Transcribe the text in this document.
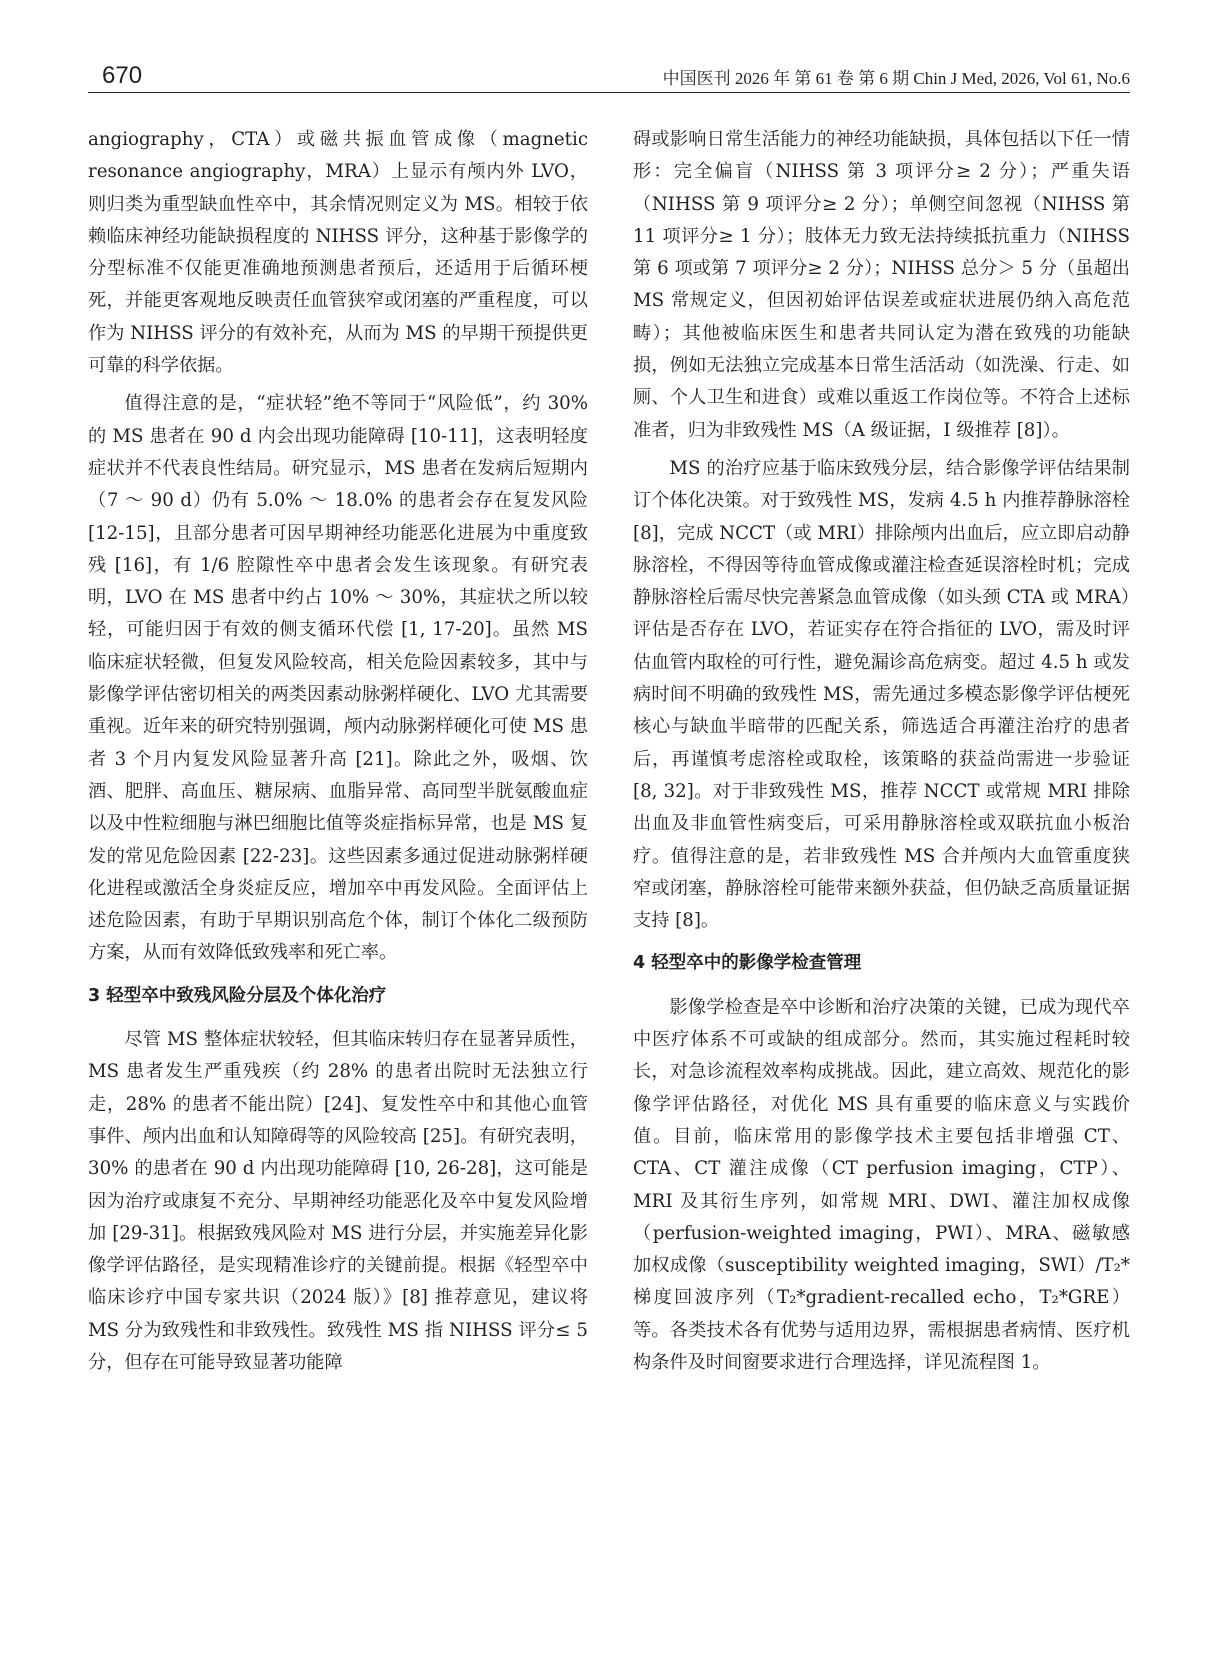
670	中国医刊 2026 年 第 61 卷 第 6 期 Chin J Med, 2026, Vol 61, No.6

angiography，CTA）或磁共振血管成像（magnetic resonance angiography，MRA）上显示有颅内外 LVO，则归类为重型缺血性卒中，其余情况则定义为 MS。相较于依赖临床神经功能缺损程度的 NIHSS 评分，这种基于影像学的分型标准不仅能更准确地预测患者预后，还适用于后循环梗死，并能更客观地反映责任血管狭窄或闭塞的严重程度，可以作为 NIHSS 评分的有效补充，从而为 MS 的早期干预提供更可靠的科学依据。

值得注意的是，“症状轻”绝不等同于“风险低”，约 30% 的 MS 患者在 90 d 内会出现功能障碍 [10-11]，这表明轻度症状并不代表良性结局。研究显示，MS 患者在发病后短期内（7 ～ 90 d）仍有 5.0% ～ 18.0% 的患者会存在复发风险 [12-15]，且部分患者可因早期神经功能恶化进展为中重度致残 [16]，有 1/6 腔隙性卒中患者会发生该现象。有研究表明，LVO 在 MS 患者中约占 10% ～ 30%，其症状之所以较轻，可能归因于有效的侧支循环代偿 [1, 17-20]。虽然 MS 临床症状轻微，但复发风险较高，相关危险因素较多，其中与影像学评估密切相关的两类因素动脉粥样硬化、LVO 尤其需要重视。近年来的研究特别强调，颅内动脉粥样硬化可使 MS 患者 3 个月内复发风险显著升高 [21]。除此之外，吸烟、饮酒、肥胖、高血压、糖尿病、血脂异常、高同型半胱氨酸血症以及中性粒细胞与淋巴细胞比值等炎症指标异常，也是 MS 复发的常见危险因素 [22-23]。这些因素多通过促进动脉粥样硬化进程或激活全身炎症反应，增加卒中再发风险。全面评估上述危险因素，有助于早期识别高危个体，制订个体化二级预防方案，从而有效降低致残率和死亡率。

3 轻型卒中致残风险分层及个体化治疗

尽管 MS 整体症状较轻，但其临床转归存在显著异质性，MS 患者发生严重残疾（约 28% 的患者出院时无法独立行走，28% 的患者不能出院）[24]、复发性卒中和其他心血管事件、颅内出血和认知障碍等的风险较高 [25]。有研究表明，30% 的患者在 90 d 内出现功能障碍 [10, 26-28]，这可能是因为治疗或康复不充分、早期神经功能恶化及卒中复发风险增加 [29-31]。根据致残风险对 MS 进行分层，并实施差异化影像学评估路径，是实现精准诊疗的关键前提。根据《轻型卒中临床诊疗中国专家共识（2024 版）》[8] 推荐意见，建议将 MS 分为致残性和非致残性。致残性 MS 指 NIHSS 评分≤ 5 分，但存在可能导致显著功能障

碍或影响日常生活能力的神经功能缺损，具体包括以下任一情形：完全偏盲（NIHSS 第 3 项评分≥ 2 分）；严重失语（NIHSS 第 9 项评分≥ 2 分）；单侧空间忽视（NIHSS 第 11 项评分≥ 1 分）；肢体无力致无法持续抵抗重力（NIHSS 第 6 项或第 7 项评分≥ 2 分）；NIHSS 总分＞ 5 分（虽超出 MS 常规定义，但因初始评估误差或症状进展仍纳入高危范畴）；其他被临床医生和患者共同认定为潜在致残的功能缺损，例如无法独立完成基本日常生活活动（如洗澡、行走、如厕、个人卫生和进食）或难以重返工作岗位等。不符合上述标准者，归为非致残性 MS（A 级证据，I 级推荐 [8]）。

MS 的治疗应基于临床致残分层，结合影像学评估结果制订个体化决策。对于致残性 MS，发病 4.5 h 内推荐静脉溶栓 [8]，完成 NCCT（或 MRI）排除颅内出血后，应立即启动静脉溶栓，不得因等待血管成像或灌注检查延误溶栓时机；完成静脉溶栓后需尽快完善紧急血管成像（如头颈 CTA 或 MRA）评估是否存在 LVO，若证实存在符合指征的 LVO，需及时评估血管内取栓的可行性，避免漏诊高危病变。超过 4.5 h 或发病时间不明确的致残性 MS，需先通过多模态影像学评估梗死核心与缺血半暗带的匹配关系，筛选适合再灌注治疗的患者后，再谨慎考虑溶栓或取栓，该策略的获益尚需进一步验证 [8, 32]。对于非致残性 MS，推荐 NCCT 或常规 MRI 排除出血及非血管性病变后，可采用静脉溶栓或双联抗血小板治疗。值得注意的是，若非致残性 MS 合并颅内大血管重度狭窄或闭塞，静脉溶栓可能带来额外获益，但仍缺乏高质量证据支持 [8]。

4 轻型卒中的影像学检查管理

影像学检查是卒中诊断和治疗决策的关键，已成为现代卒中医疗体系不可或缺的组成部分。然而，其实施过程耗时较长，对急诊流程效率构成挑战。因此，建立高效、规范化的影像学评估路径，对优化 MS 具有重要的临床意义与实践价值。目前，临床常用的影像学技术主要包括非增强 CT、CTA、CT 灌注成像（CT perfusion imaging，CTP）、MRI 及其衍生序列，如常规 MRI、DWI、灌注加权成像（perfusion-weighted imaging，PWI）、MRA、磁敏感加权成像（susceptibility weighted imaging，SWI）/T₂* 梯度回波序列（T₂*gradient-recalled echo，T₂*GRE）等。各类技术各有优势与适用边界，需根据患者病情、医疗机构条件及时间窗要求进行合理选择，详见流程图 1。
